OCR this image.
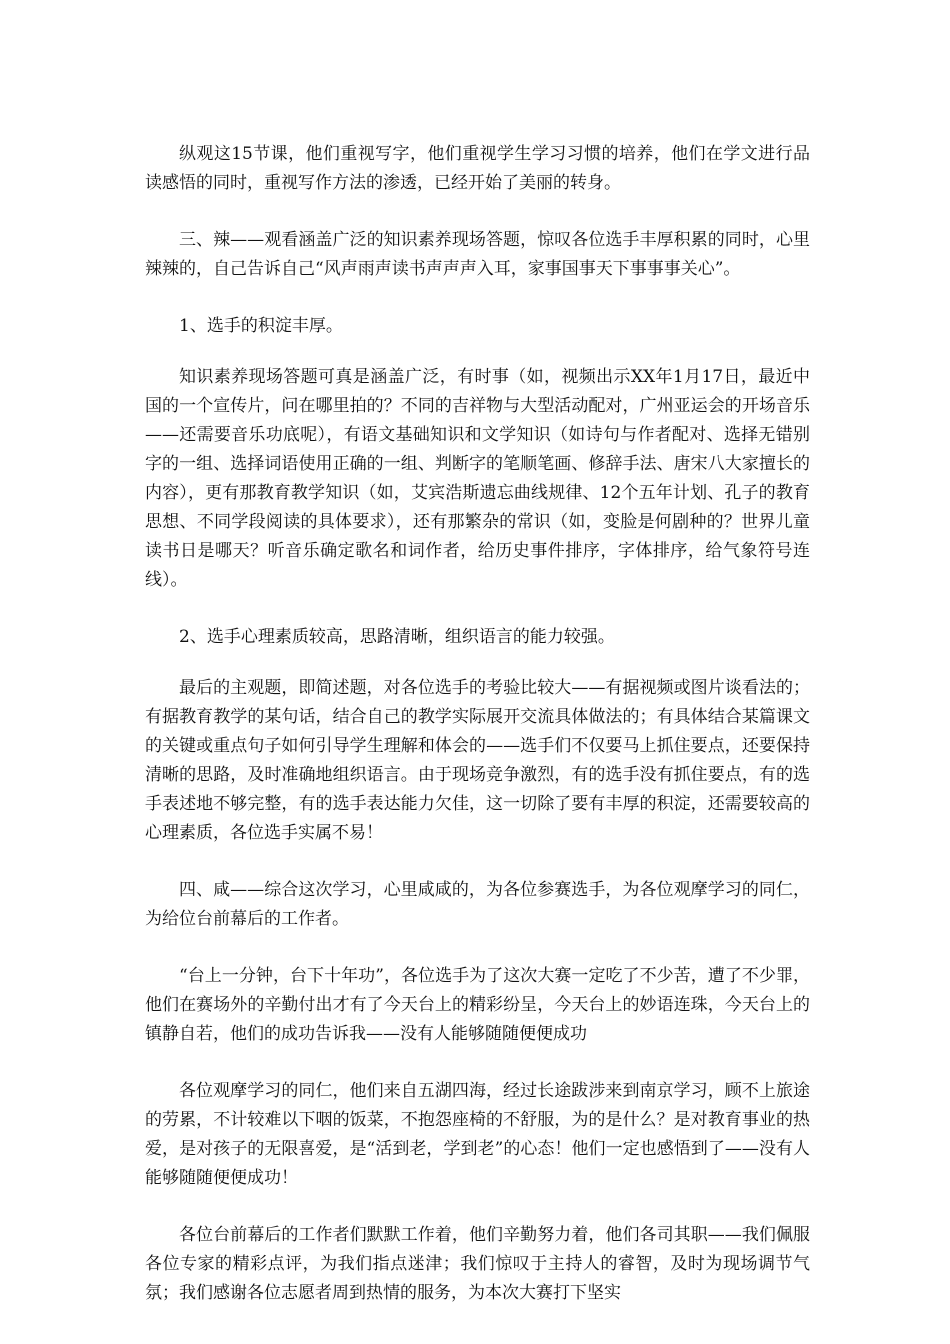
纵观这15节课，他们重视写字，他们重视学生学习习惯的培养，他们在学文进行品读感悟的同时，重视写作方法的渗透，已经开始了美丽的转身。

三、辣——观看涵盖广泛的知识素养现场答题，惊叹各位选手丰厚积累的同时，心里辣辣的，自己告诉自己“风声雨声读书声声声入耳，家事国事天下事事事关心”。

1、选手的积淀丰厚。

知识素养现场答题可真是涵盖广泛，有时事（如，视频出示XX年1月17日，最近中国的一个宣传片，问在哪里拍的？不同的吉祥物与大型活动配对，广州亚运会的开场音乐——还需要音乐功底呢），有语文基础知识和文学知识（如诗句与作者配对、选择无错别字的一组、选择词语使用正确的一组、判断字的笔顺笔画、修辞手法、唐宋八大家擅长的内容），更有那教育教学知识（如，艾宾浩斯遗忘曲线规律、12个五年计划、孔子的教育思想、不同学段阅读的具体要求），还有那繁杂的常识（如，变脸是何剧种的？世界儿童读书日是哪天？听音乐确定歌名和词作者，给历史事件排序，字体排序，给气象符号连线）。

2、选手心理素质较高，思路清晰，组织语言的能力较强。

最后的主观题，即简述题，对各位选手的考验比较大——有据视频或图片谈看法的；有据教育教学的某句话，结合自己的教学实际展开交流具体做法的；有具体结合某篇课文的关键或重点句子如何引导学生理解和体会的——选手们不仅要马上抓住要点，还要保持清晰的思路，及时准确地组织语言。由于现场竞争激烈，有的选手没有抓住要点，有的选手表述地不够完整，有的选手表达能力欠佳，这一切除了要有丰厚的积淀，还需要较高的心理素质，各位选手实属不易！

四、咸——综合这次学习，心里咸咸的，为各位参赛选手，为各位观摩学习的同仁，为给位台前幕后的工作者。

“台上一分钟，台下十年功”，各位选手为了这次大赛一定吃了不少苦，遭了不少罪，他们在赛场外的辛勤付出才有了今天台上的精彩纷呈，今天台上的妙语连珠，今天台上的镇静自若，他们的成功告诉我——没有人能够随随便便成功

各位观摩学习的同仁，他们来自五湖四海，经过长途跋涉来到南京学习，顾不上旅途的劳累，不计较难以下咽的饭菜，不抱怨座椅的不舒服，为的是什么？是对教育事业的热爱，是对孩子的无限喜爱，是“活到老，学到老”的心态！他们一定也感悟到了——没有人能够随随便便成功！

各位台前幕后的工作者们默默工作着，他们辛勤努力着，他们各司其职——我们佩服各位专家的精彩点评，为我们指点迷津；我们惊叹于主持人的睿智，及时为现场调节气氛；我们感谢各位志愿者周到热情的服务，为本次大赛打下坚实
